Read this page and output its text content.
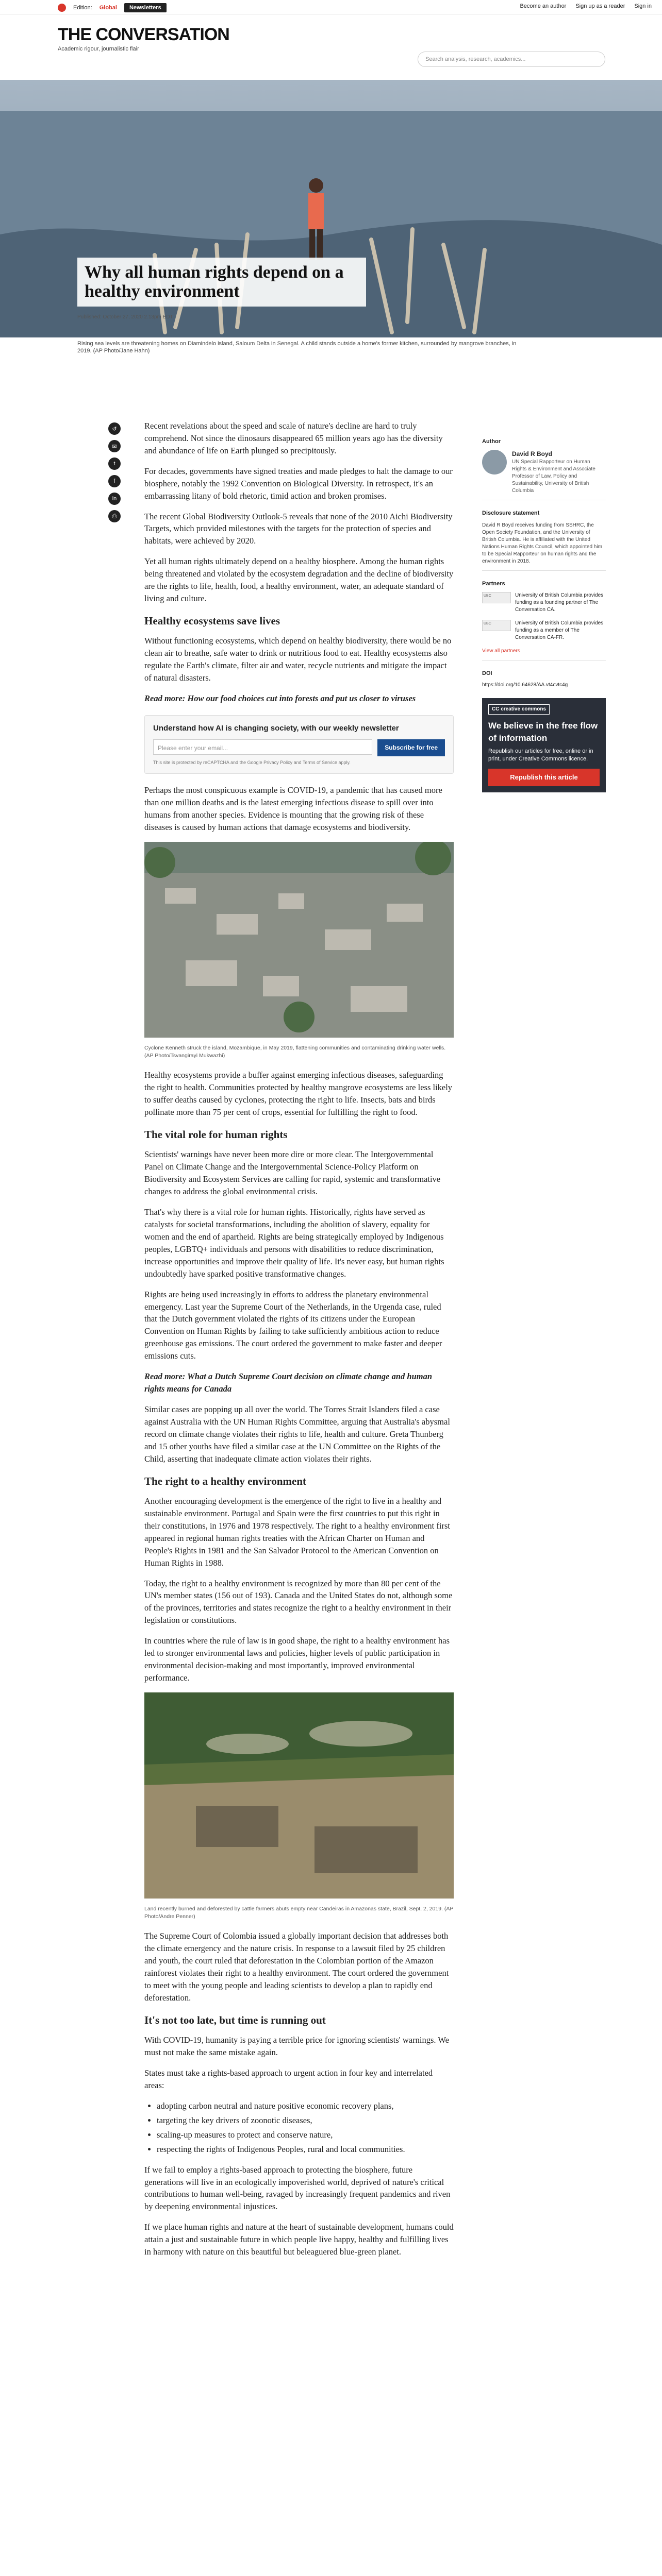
Edition: Global	Newsletters	Become an author Sign up as a reader Sign in
THE CONVERSATION
Academic rigour, journalistic flair
Search analysis, research, academics...
Why all human rights depend on a healthy environment
Published: October 27, 2020 2.13pm EDT
Rising sea levels are threatening homes on Diamindelo island, Saloum Delta in Senegal. A child stands outside a home's former kitchen, surrounded by mangrove branches, in 2019. (AP Photo/Jane Hahn)
↺
✉
t
f
in
⎙

Recent revelations about the speed and scale of nature's decline are hard to truly comprehend. Not since the dinosaurs disappeared 65 million years ago has the diversity and abundance of life on Earth plunged so precipitously.

For decades, governments have signed treaties and made pledges to halt the damage to our biosphere, notably the 1992 Convention on Biological Diversity. In retrospect, it's an embarrassing litany of bold rhetoric, timid action and broken promises.

The recent Global Biodiversity Outlook-5 reveals that none of the 2010 Aichi Biodiversity Targets, which provided milestones with the targets for the protection of species and habitats, were achieved by 2020.

Yet all human rights ultimately depend on a healthy biosphere. Among the human rights being threatened and violated by the ecosystem degradation and the decline of biodiversity are the rights to life, health, food, a healthy environment, water, an adequate standard of living and culture.

Healthy ecosystems save lives

Without functioning ecosystems, which depend on healthy biodiversity, there would be no clean air to breathe, safe water to drink or nutritious food to eat. Healthy ecosystems also regulate the Earth's climate, filter air and water, recycle nutrients and mitigate the impact of natural disasters.

Read more: How our food choices cut into forests and put us closer to viruses

Understand how AI is changing society, with our weekly newsletter
Please enter your email...	Subscribe for free
This site is protected by reCAPTCHA and the Google Privacy Policy and Terms of Service apply.

Perhaps the most conspicuous example is COVID-19, a pandemic that has caused more than one million deaths and is the latest emerging infectious disease to spill over into humans from another species. Evidence is mounting that the growing risk of these diseases is caused by human actions that damage ecosystems and biodiversity.

Cyclone Kenneth struck the island, Mozambique, in May 2019, flattening communities and contaminating drinking water wells. (AP Photo/Tsvangirayi Mukwazhi)

Healthy ecosystems provide a buffer against emerging infectious diseases, safeguarding the right to health. Communities protected by healthy mangrove ecosystems are less likely to suffer deaths caused by cyclones, protecting the right to life. Insects, bats and birds pollinate more than 75 per cent of crops, essential for fulfilling the right to food.

The vital role for human rights

Scientists' warnings have never been more dire or more clear. The Intergovernmental Panel on Climate Change and the Intergovernmental Science-Policy Platform on Biodiversity and Ecosystem Services are calling for rapid, systemic and transformative changes to address the global environmental crisis.

That's why there is a vital role for human rights. Historically, rights have served as catalysts for societal transformations, including the abolition of slavery, equality for women and the end of apartheid. Rights are being strategically employed by Indigenous peoples, LGBTQ+ individuals and persons with disabilities to reduce discrimination, increase opportunities and improve their quality of life. It's never easy, but human rights undoubtedly have sparked positive transformative changes.

Rights are being used increasingly in efforts to address the planetary environmental emergency. Last year the Supreme Court of the Netherlands, in the Urgenda case, ruled that the Dutch government violated the rights of its citizens under the European Convention on Human Rights by failing to take sufficiently ambitious action to reduce greenhouse gas emissions. The court ordered the government to make faster and deeper emissions cuts.

Read more: What a Dutch Supreme Court decision on climate change and human rights means for Canada

Similar cases are popping up all over the world. The Torres Strait Islanders filed a case against Australia with the UN Human Rights Committee, arguing that Australia's abysmal record on climate change violates their rights to life, health and culture. Greta Thunberg and 15 other youths have filed a similar case at the UN Committee on the Rights of the Child, asserting that inadequate climate action violates their rights.

The right to a healthy environment

Another encouraging development is the emergence of the right to live in a healthy and sustainable environment. Portugal and Spain were the first countries to put this right in their constitutions, in 1976 and 1978 respectively. The right to a healthy environment first appeared in regional human rights treaties with the African Charter on Human and People's Rights in 1981 and the San Salvador Protocol to the American Convention on Human Rights in 1988.

Today, the right to a healthy environment is recognized by more than 80 per cent of the UN's member states (156 out of 193). Canada and the United States do not, although some of the provinces, territories and states recognize the right to a healthy environment in their legislation or constitutions.

In countries where the rule of law is in good shape, the right to a healthy environment has led to stronger environmental laws and policies, higher levels of public participation in environmental decision-making and most importantly, improved environmental performance.

Land recently burned and deforested by cattle farmers abuts empty near Candeiras in Amazonas state, Brazil, Sept. 2, 2019. (AP Photo/Andre Penner)

The Supreme Court of Colombia issued a globally important decision that addresses both the climate emergency and the nature crisis. In response to a lawsuit filed by 25 children and youth, the court ruled that deforestation in the Colombian portion of the Amazon rainforest violates their right to a healthy environment. The court ordered the government to meet with the young people and leading scientists to develop a plan to rapidly end deforestation.

It's not too late, but time is running out

With COVID-19, humanity is paying a terrible price for ignoring scientists' warnings. We must not make the same mistake again.

States must take a rights-based approach to urgent action in four key and interrelated areas:

• adopting carbon neutral and nature positive economic recovery plans,
• targeting the key drivers of zoonotic diseases,
• scaling-up measures to protect and conserve nature,
• respecting the rights of Indigenous Peoples, rural and local communities.

If we fail to employ a rights-based approach to protecting the biosphere, future generations will live in an ecologically impoverished world, deprived of nature's critical contributions to human well-being, ravaged by increasingly frequent pandemics and riven by deepening environmental injustices.

If we place human rights and nature at the heart of sustainable development, humans could attain a just and sustainable future in which people live happy, healthy and fulfilling lives in harmony with nature on this beautiful but beleaguered blue-green planet.

Author
David R Boyd
UN Special Rapporteur on Human Rights & Environment and Associate Professor of Law, Policy and Sustainability, University of British Columbia
Disclosure statement
David R Boyd receives funding from SSHRC, the Open Society Foundation, and the University of British Columbia. He is affiliated with the United Nations Human Rights Council, which appointed him to be Special Rapporteur on human rights and the environment in 2018.
Partners
UBC	University of British Columbia provides funding as a founding partner of The Conversation CA.
UBC	University of British Columbia provides funding as a member of The Conversation CA-FR.
View all partners
DOI
https://doi.org/10.64628/AA.vt4cvtc4g
CC creative commons
We believe in the free flow of information
Republish our articles for free, online or in print, under Creative Commons licence.
Republish this article
